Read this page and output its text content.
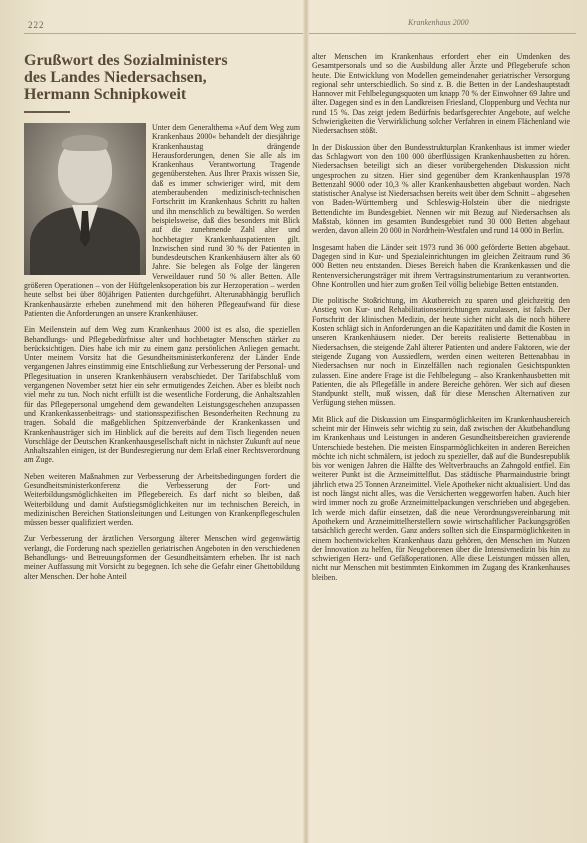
222	Krankenhaus 2000
Grußwort des Sozialministers
des Landes Niedersachsen,
Hermann Schnipkoweit

Unter dem Generalthema »Auf dem Weg zum Krankenhaus 2000« behandelt der diesjährige Krankenhaustag drängende Herausforderungen, denen Sie alle als im Krankenhaus Verantwortung Tragende gegenüberstehen. Aus Ihrer Praxis wissen Sie, daß es immer schwieriger wird, mit dem atemberaubenden medizinisch-technischen Fortschritt im Krankenhaus Schritt zu halten und ihn menschlich zu bewältigen. So werden beispielsweise, daß dies besonders mit Blick auf die zunehmende Zahl alter und hochbetagter Krankenhauspatienten gilt. Inzwischen sind rund 30 % der Patienten in bundesdeutschen Krankenhäusern älter als 60 Jahre. Sie belegen als Folge der längeren Verweildauer rund 50 % aller Betten. Alle größeren Operationen – von der Hüftgelenksoperation bis zur Herzoperation – werden heute selbst bei über 80jährigen Patienten durchgeführt. Alterunabhängig beruflich Krankenhausärzte erheben zunehmend mit den höheren Pflegeaufwand für diese Patienten die Anforderungen an unsere Krankenhäuser.

Ein Meilenstein auf dem Weg zum Krankenhaus 2000 ist es also, die speziellen Behandlungs- und Pflegebedürfnisse alter und hochbetagter Menschen stärker zu berücksichtigen. Dies habe ich mir zu einem ganz persönlichen Anliegen gemacht. Unter meinem Vorsitz hat die Gesundheitsministerkonferenz der Länder Ende vergangenen Jahres einstimmig eine Entschließung zur Verbesserung der Personal- und Pflegesituation in unseren Krankenhäusern verabschiedet. Der Tarifabschluß vom vergangenen November setzt hier ein sehr ermutigendes Zeichen. Aber es bleibt noch viel mehr zu tun. Noch nicht erfüllt ist die wesentliche Forderung, die Anhaltszahlen für das Pflegepersonal umgehend dem gewandelten Leistungsgeschehen anzupassen und Krankenkassenbeitrags- und stationsspezifischen Besonderheiten Rechnung zu tragen. Sobald die maßgeblichen Spitzenverbände der Krankenkassen und Krankenhausträger sich im Hinblick auf die bereits auf dem Tisch liegenden neuen Vorschläge der Deutschen Krankenhausgesellschaft nicht in nächster Zukunft auf neue Anhaltszahlen einigen, ist der Bundesregierung nur dem Erlaß einer Rechtsverordnung am Zuge.

Neben weiteren Maßnahmen zur Verbesserung der Arbeitsbedingungen fordert die Gesundheitsministerkonferenz die Verbesserung der Fort- und Weiterbildungsmöglichkeiten im Pflegebereich. Es darf nicht so bleiben, daß Weiterbildung und damit Aufstiegsmöglichkeiten nur im technischen Bereich, in medizinischen Bereichen Stationsleitungen und Leitungen von Krankenpflegeschulen müssen besser qualifiziert werden.

Zur Verbesserung der ärztlichen Versorgung älterer Menschen wird gegenwärtig verlangt, die Forderung nach speziellen geriatrischen Angeboten in den verschiedenen Behandlungs- und Betreuungsformen der Gesundheitsämtern erheben. Ihr ist nach meiner Auffassung mit Vorsicht zu begegnen. Ich sehe die Gefahr einer Ghettobildung alter Menschen. Der hohe Anteil

alter Menschen im Krankenhaus erfordert eher ein Umdenken des Gesamtpersonals und so die Ausbildung aller Ärzte und Pflegeberufe schon heute. Die Entwicklung von Modellen gemeindenaher geriatrischer Versorgung regional sehr unterschiedlich. So sind z. B. die Betten in der Landeshauptstadt Hannover mit Fehlbelegungsquoten um knapp 70 % der Einwohner 69 Jahre und älter. Dagegen sind es in den Landkreisen Friesland, Cloppenburg und Vechta nur rund 15 %. Das zeigt jedem Bedürfnis bedarfsgerechter Angebote, auf welche Schwierigkeiten die Verwirklichung solcher Verfahren in einem Flächenland wie Niedersachsen stößt.

In der Diskussion über den Bundesstrukturplan Krankenhaus ist immer wieder das Schlagwort von den 100 000 überflüssigen Krankenhausbetten zu hören. Niedersachsen beteiligt sich an dieser vorübergehenden Diskussion nicht ungesprochen zu sitzen. Hier sind gegenüber dem Krankenhausplan 1978 Bettenzahl 9000 oder 10,3 % aller Krankenhausbetten abgebaut worden. Nach statistischer Analyse ist Niedersachsen bereits weit über dem Schnitt – abgesehen von Baden-Württemberg und Schleswig-Holstein über die niedrigste Bettendichte im Bundesgebiet. Nennen wir mit Bezug auf Niedersachsen als Maßstab, können im gesamten Bundesgebiet rund 30 000 Betten abgebaut werden, davon allein 20 000 in Nordrhein-Westfalen und rund 14 000 in Berlin.

Insgesamt haben die Länder seit 1973 rund 36 000 geförderte Betten abgebaut. Dagegen sind in Kur- und Spezialeinrichtungen im gleichen Zeitraum rund 36 000 Betten neu entstanden. Dieses Bereich haben die Krankenkassen und die Rentenversicherungsträger mit ihrem Vertragsinstrumentarium zu verantworten. Ohne Kontrollen und hier zum großen Teil völlig beliebige Betten entstanden.

Die politische Stoßrichtung, im Akutbereich zu sparen und gleichzeitig den Anstieg von Kur- und Rehabilitationseinrichtungen zuzulassen, ist falsch. Der Fortschritt der klinischen Medizin, der heute sicher nicht als die noch höhere Kosten schlägt sich in Anforderungen an die Kapazitäten und damit die Kosten in unseren Krankenhäusern nieder. Der bereits realisierte Bettenabbau in Niedersachsen, die steigende Zahl älterer Patienten und andere Faktoren, wie der steigende Zugang von Aussiedlern, werden einen weiteren Bettenabbau in Niedersachsen nur noch in Einzelfällen nach regionalen Gesichtspunkten zulassen. Eine andere Frage ist die Fehlbelegung – also Krankenhausbetten mit Patienten, die als Pflegefälle in andere Bereiche gehören. Wer sich auf diesen Standpunkt stellt, muß wissen, daß für diese Menschen Alternativen zur Verfügung stehen müssen.

Mit Blick auf die Diskussion um Einsparmöglichkeiten im Krankenhausbereich scheint mir der Hinweis sehr wichtig zu sein, daß zwischen der Akutbehandlung im Krankenhaus und Leistungen in anderen Gesundheitsbereichen gravierende Unterschiede bestehen. Die meisten Einsparmöglichkeiten in anderen Bereichen möchte ich nicht schmälern, ist jedoch zu spezieller, daß auf die Bundesrepublik bis vor wenigen Jahren die Hälfte des Weltverbrauchs an Zahngold entfiel. Ein weiterer Punkt ist die Arzneimittelflut. Das städtische Pharmaindustrie bringt jährlich etwa 25 Tonnen Arzneimittel. Viele Apotheker nicht aktualisiert. Und das ist noch längst nicht alles, was die Versicherten weggeworfen haben. Auch hier wird immer noch zu große Arzneimittelpackungen verschrieben und abgegeben. Ich werde mich dafür einsetzen, daß die neue Verordnungsvereinbarung mit Apothekern und Arzneimittelherstellern sowie wirtschaftlicher Packungsgrößen tatsächlich gerecht werden. Ganz anders sollten sich die Einsparmöglichkeiten in einem hochentwickelten Krankenhaus dazu gehören, den Menschen im Nutzen der Innovation zu helfen, für Neugeborenen über die Intensivmedizin bis hin zu schwierigen Herz- und Gefäßoperationen. Alle diese Leistungen müssen allen, nicht nur Menschen mit bestimmten Einkommen im Zugang des Krankenhauses bleiben.
